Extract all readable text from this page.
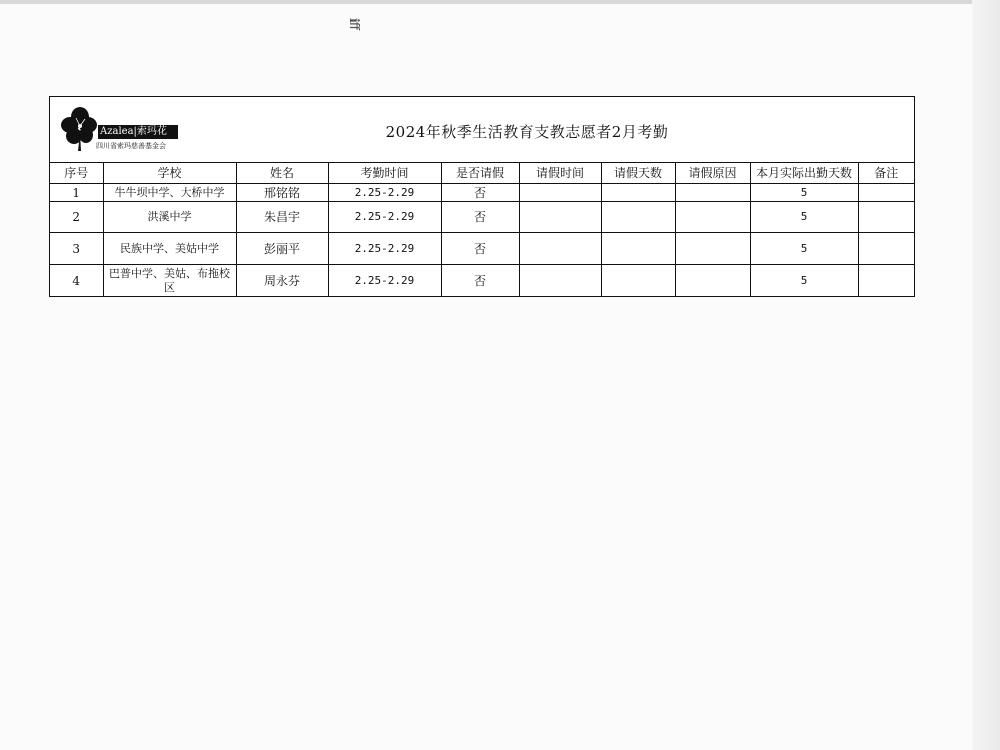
ℹ︎ff
Azalea|索玛花
四川省索玛慈善基金会
2024年秋季生活教育支教志愿者2月考勤
序号	学校	姓名	考勤时间	是否请假	请假时间	请假天数	请假原因	本月实际出勤天数	备注
1	牛牛坝中学、大桥中学	邢铭铭	2.25-2.29	否				5	
2	洪溪中学	朱昌宇	2.25-2.29	否				5	
3	民族中学、美姑中学	彭丽平	2.25-2.29	否				5	
4	巴普中学、美姑、布拖校区	周永芬	2.25-2.29	否				5	
